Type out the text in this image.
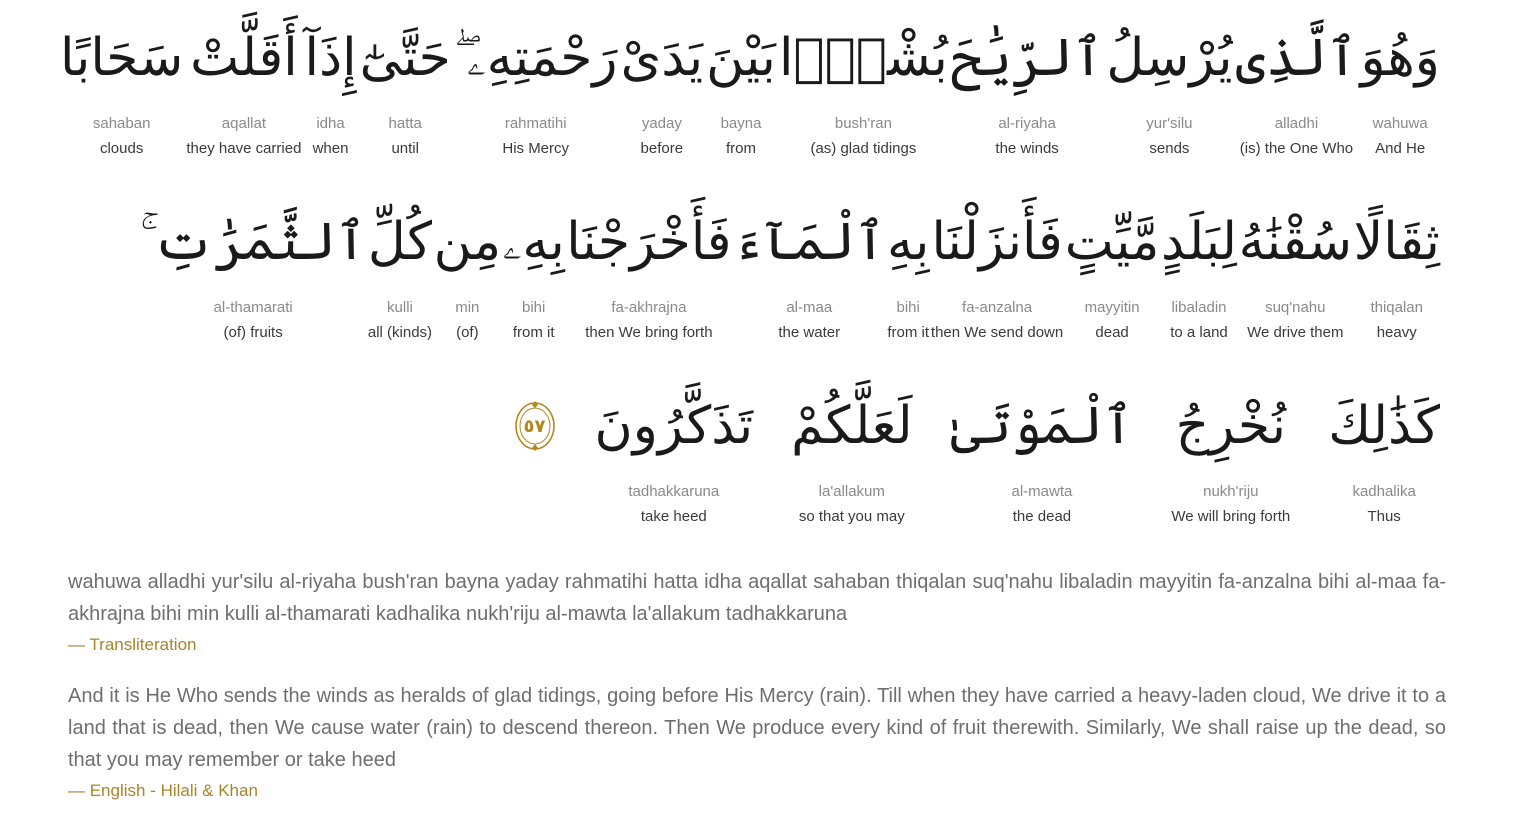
وَهُوَ
wahuwa
And He
ٱلَّذِى
alladhi
(is) the One Who
يُرْسِلُ
yur'silu
sends
ٱلرِّيَٰحَ
al-riyaha
the winds
بُشْرًۢا
bush'ran
(as) glad tidings
بَيْنَ
bayna
from
يَدَىْ
yaday
before
رَحْمَتِهِۦ ۖ
rahmatihi
His Mercy
حَتَّىٰٓ
hatta
until
إِذَآ
idha
when
أَقَلَّتْ
aqallat
they have carried
سَحَابًا
sahaban
clouds
ثِقَالًا
thiqalan
heavy
سُقْنَٰهُ
suq'nahu
We drive them
لِبَلَدٍ
libaladin
to a land
مَّيِّتٍ
mayyitin
dead
فَأَنزَلْنَا
fa-anzalna
then We send down
بِهِ
bihi
from it
ٱلْمَآءَ
al-maa
the water
فَأَخْرَجْنَا
fa-akhrajna
then We bring forth
بِهِۦ
bihi
from it
مِن
min
(of)
كُلِّ
kulli
all (kinds)
ٱلثَّمَرَٰتِ ۚ
al-thamarati
(of) fruits
كَذَٰلِكَ
kadhalika
Thus
نُخْرِجُ
nukh'riju
We will bring forth
ٱلْمَوْتَىٰ
al-mawta
the dead
لَعَلَّكُمْ
la'allakum
so that you may
تَذَكَّرُونَ
tadhakkaruna
take heed
٥٧

wahuwa alladhi yur'silu al-riyaha bush'ran bayna yaday rahmatihi hatta idha aqallat sahaban thiqalan suq'nahu libaladin mayyitin fa-anzalna bihi al-maa fa-akhrajna bihi min kulli al-thamarati kadhalika nukh'riju al-mawta la'allakum tadhakkaruna

— Transliteration

And it is He Who sends the winds as heralds of glad tidings, going before His Mercy (rain). Till when they have carried a heavy-laden cloud, We drive it to a land that is dead, then We cause water (rain) to descend thereon. Then We produce every kind of fruit therewith. Similarly, We shall raise up the dead, so that you may remember or take heed

— English - Hilali & Khan
